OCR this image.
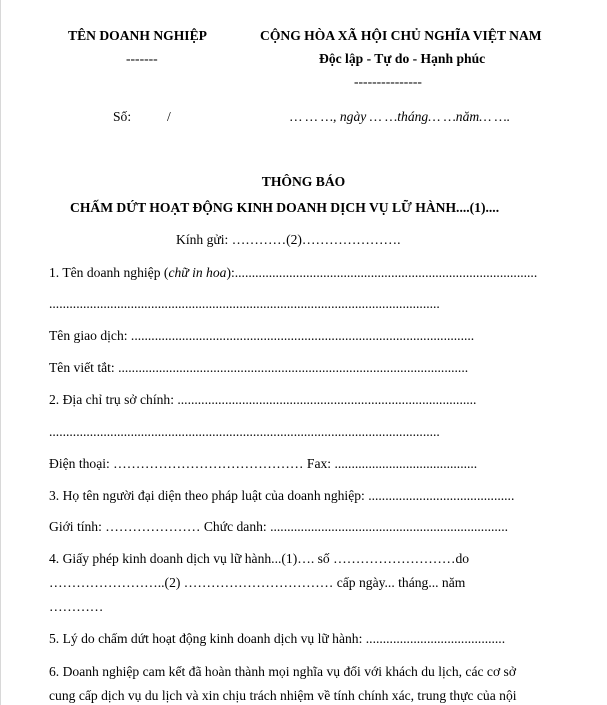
TÊN DOANH NGHIỆP
-------
CỘNG HÒA XÃ HỘI CHỦ NGHĨA VIỆT NAM
Độc lập - Tự do - Hạnh phúc
---------------
Số:	/	… … …, ngày … …tháng… …năm… ….
THÔNG BÁO
CHẤM DỨT HOẠT ĐỘNG KINH DOANH DỊCH VỤ LỮ HÀNH....(1)....
Kính gửi: …………(2)………………….
1. Tên doanh nghiệp (chữ in hoa):.........................................................................................
...................................................................................................................
Tên giao dịch: .....................................................................................................
Tên viết tắt: .......................................................................................................
2. Địa chỉ trụ sở chính: ........................................................................................
...................................................................................................................
Điện thoại: …………………………………… Fax: ..........................................
3. Họ tên người đại diện theo pháp luật của doanh nghiệp: ...........................................
Giới tính: ………………… Chức danh: ......................................................................
4. Giấy phép kinh doanh dịch vụ lữ hành...(1)…. số ………………………do
……………………..(2) …………………………… cấp ngày... tháng... năm
…………
5. Lý do chấm dứt hoạt động kinh doanh dịch vụ lữ hành: .........................................
6. Doanh nghiệp cam kết đã hoàn thành mọi nghĩa vụ đối với khách du lịch, các cơ sở
cung cấp dịch vụ du lịch và xin chịu trách nhiệm về tính chính xác, trung thực của nội
